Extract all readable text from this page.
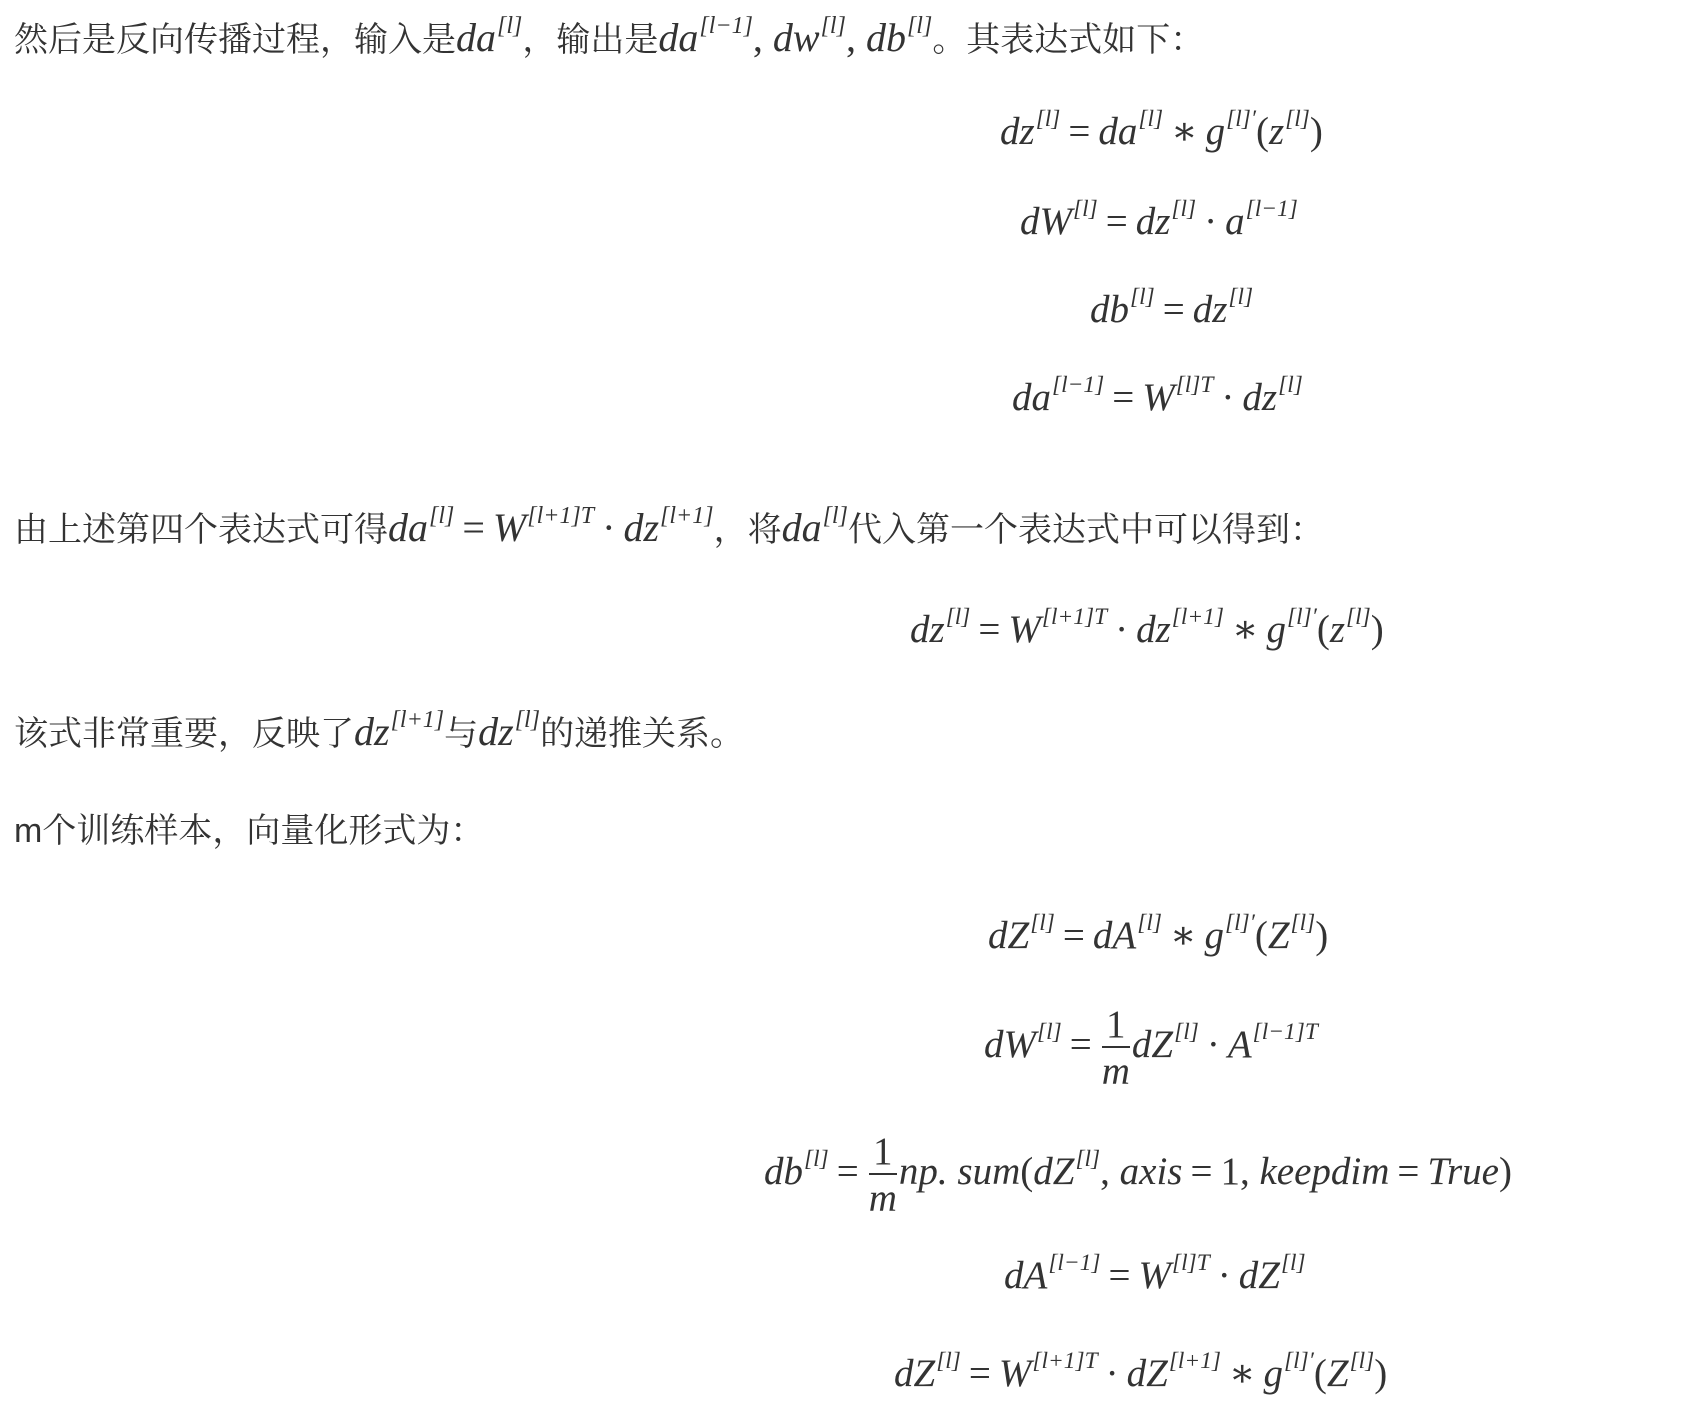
然后是反向传播过程，输入是da[l]，输出是da[l−1], dw[l], db[l]。其表达式如下：
dz[l] = da[l] ∗ $g^{[l]'}(z[l])$
dW[l] = dz[l] · a[l−1]
db[l] = dz[l]
$da[l-1] = W^{[l]T} \cdot dz[l]$
由上述第四个表达式可得$da[l] = W^{[l+1]T} \cdot dz[l+1]$，将da[l]代入第一个表达式中可以得到：
$dz[l] = W^{[l+1]T} \cdot dz[l+1]$ ∗ $g^{[l]'}(z[l])$
该式非常重要，反映了dz[l+1]与dz[l]的递推关系。
m个训练样本，向量化形式为：
dZ[l] = dA[l] ∗ $g^{[l]'}(Z[l])$
$dW[l] = \frac{1}{m} dZ[l] \cdot A^{[l-1]T}$
$db[l] = \frac{1}{m}$ np. sum(dZ[l], axis = 1, keepdim = True)
$dA[l-1] = W^{[l]T} \cdot dZ[l]$
$dZ[l] = W^{[l+1]T} \cdot dZ[l+1]$ ∗ $g^{[l]'}(Z[l])$
